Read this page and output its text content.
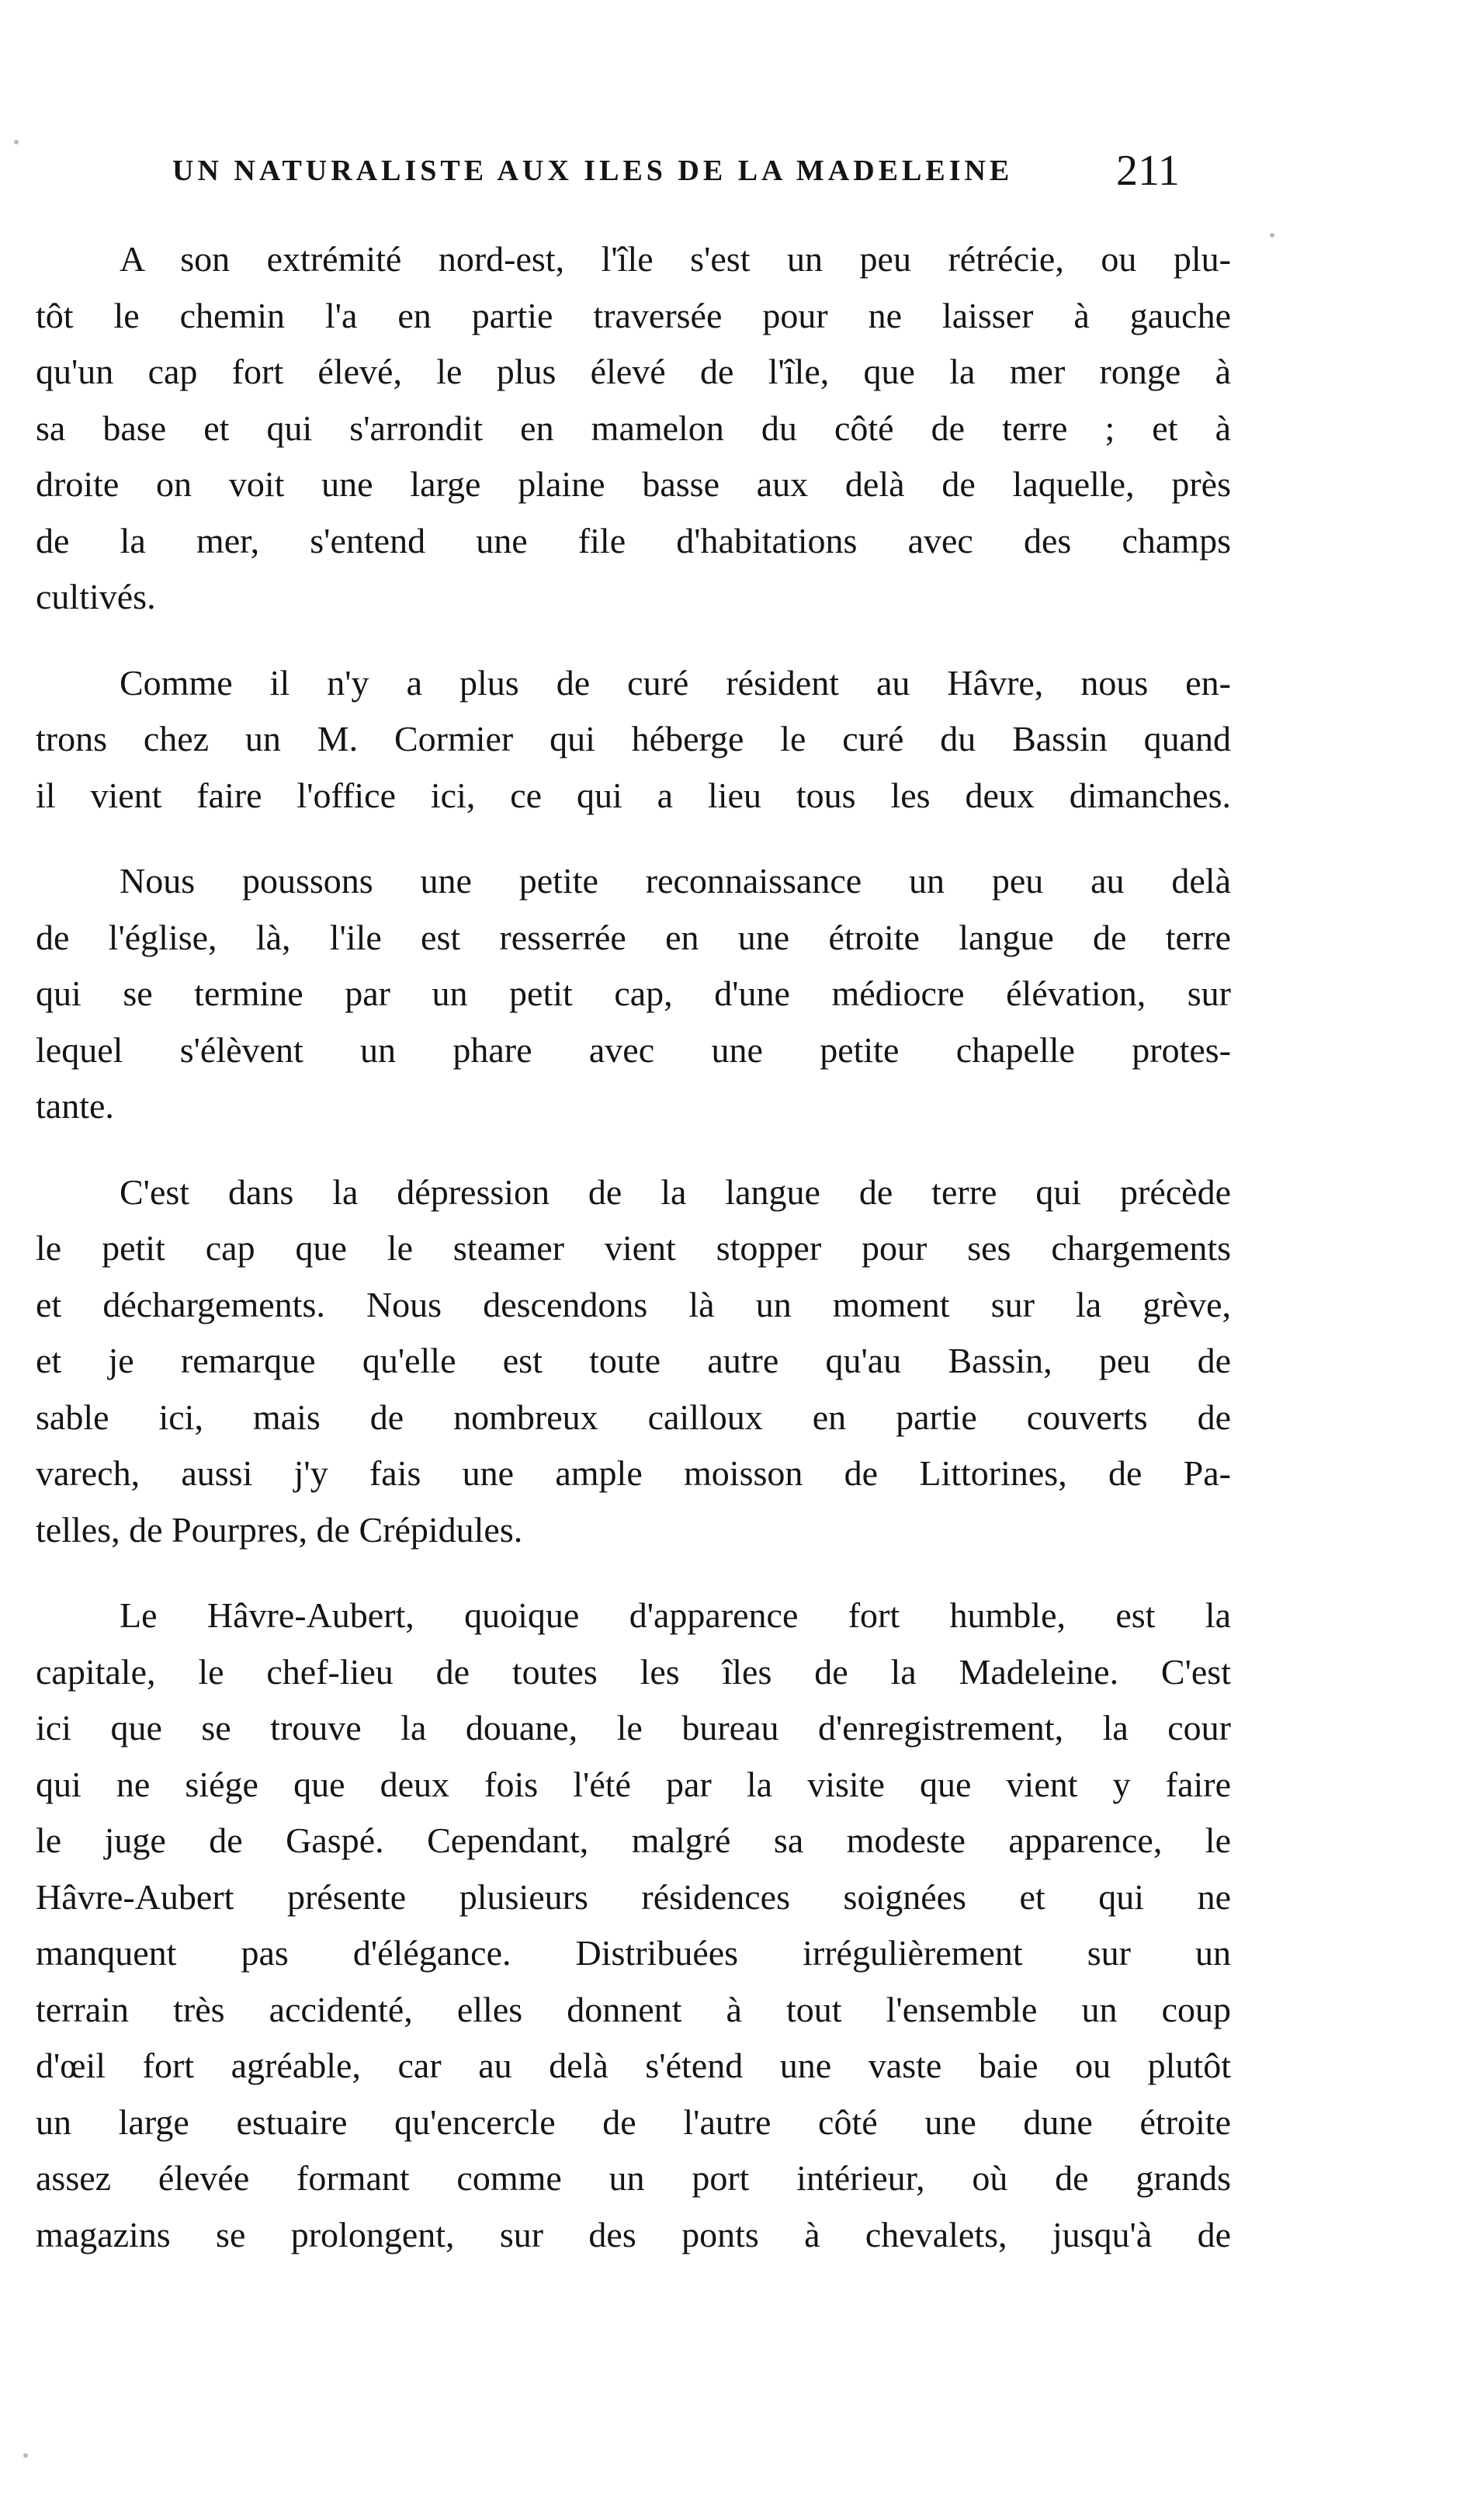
UN NATURALISTE AUX ILES DE LA MADELEINE 211
A son extrémité nord-est, l'île s'est un peu rétrécie, ou plu-
tôt le chemin l'a en partie traversée pour ne laisser à gauche
qu'un cap fort élevé, le plus élevé de l'île, que la mer ronge à
sa base et qui s'arrondit en mamelon du côté de terre ; et à
droite on voit une large plaine basse aux delà de laquelle, près
de la mer, s'entend une file d'habitations avec des champs
cultivés.
Comme il n'y a plus de curé résident au Hâvre, nous en-
trons chez un M. Cormier qui héberge le curé du Bassin quand
il vient faire l'office ici, ce qui a lieu tous les deux dimanches.
Nous poussons une petite reconnaissance un peu au delà
de l'église, là, l'ile est resserrée en une étroite langue de terre
qui se termine par un petit cap, d'une médiocre élévation, sur
lequel s'élèvent un phare avec une petite chapelle protes-
tante.
C'est dans la dépression de la langue de terre qui précède
le petit cap que le steamer vient stopper pour ses chargements
et déchargements. Nous descendons là un moment sur la grève,
et je remarque qu'elle est toute autre qu'au Bassin, peu de
sable ici, mais de nombreux cailloux en partie couverts de
varech, aussi j'y fais une ample moisson de Littorines, de Pa-
telles, de Pourpres, de Crépidules.
Le Hâvre-Aubert, quoique d'apparence fort humble, est la
capitale, le chef-lieu de toutes les îles de la Madeleine. C'est
ici que se trouve la douane, le bureau d'enregistrement, la cour
qui ne siége que deux fois l'été par la visite que vient y faire
le juge de Gaspé. Cependant, malgré sa modeste apparence, le
Hâvre-Aubert présente plusieurs résidences soignées et qui ne
manquent pas d'élégance. Distribuées irrégulièrement sur un
terrain très accidenté, elles donnent à tout l'ensemble un coup
d'œil fort agréable, car au delà s'étend une vaste baie ou plutôt
un large estuaire qu'encercle de l'autre côté une dune étroite
assez élevée formant comme un port intérieur, où de grands
magazins se prolongent, sur des ponts à chevalets, jusqu'à de
